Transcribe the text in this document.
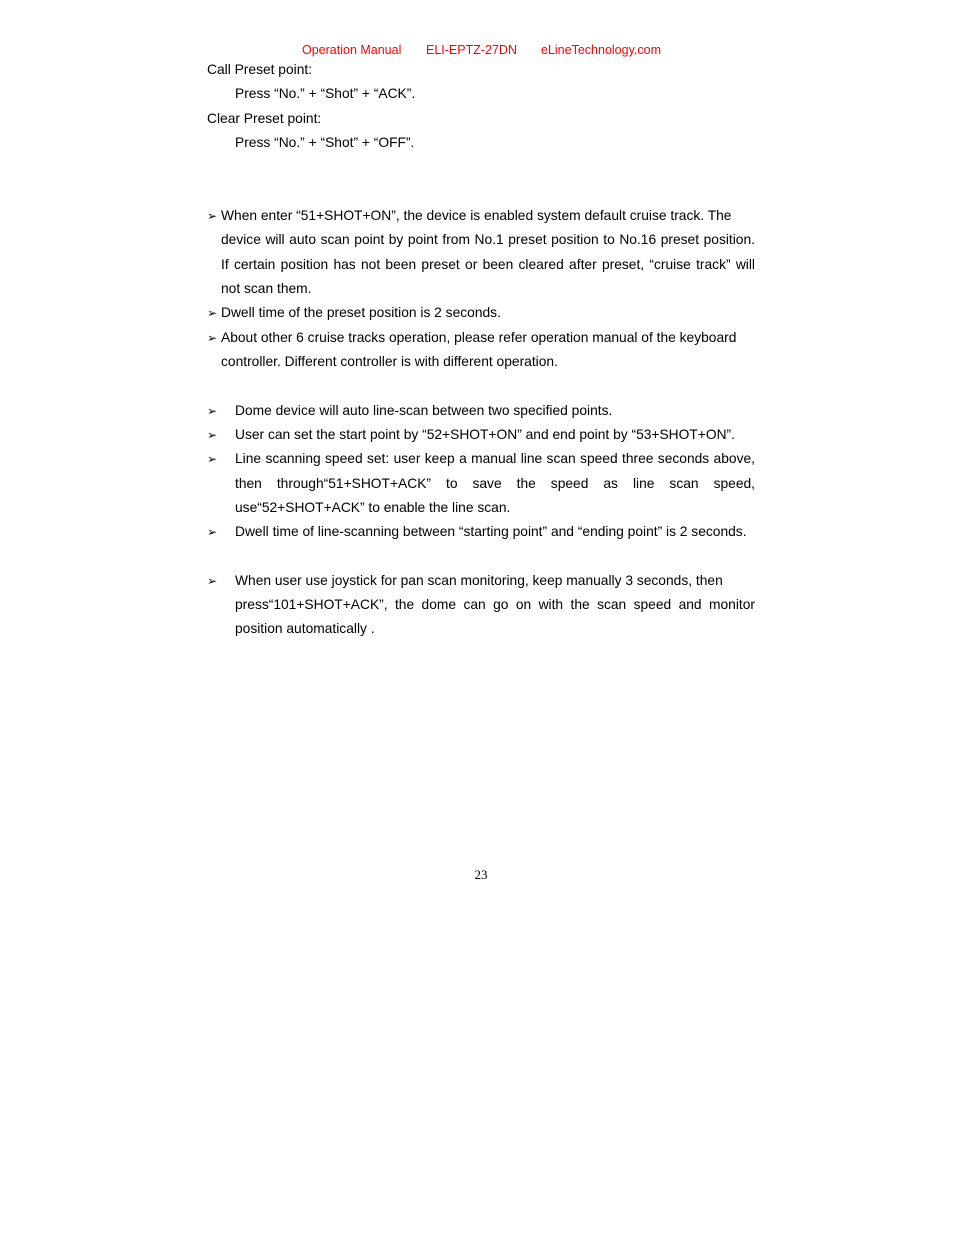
Operation Manual ELI-EPTZ-27DN eLineTechnology.com
Call Preset point:
Press “No.” + “Shot” + “ACK”.
Clear Preset point:
Press “No.” + “Shot” + “OFF”.
➢ When enter “51+SHOT+ON”, the device is enabled system default cruise track. The
device will auto scan point by point from No.1 preset position to No.16 preset position.
If certain position has not been preset or been cleared after preset, “cruise track” will
not scan them.
➢ Dwell time of the preset position is 2 seconds.
➢ About other 6 cruise tracks operation, please refer operation manual of the keyboard
controller. Different controller is with different operation.
➢ Dome device will auto line-scan between two specified points.
➢ User can set the start point by “52+SHOT+ON” and end point by “53+SHOT+ON”.
➢ Line scanning speed set: user keep a manual line scan speed three seconds above,
then through“51+SHOT+ACK” to save the speed as line scan speed,
use“52+SHOT+ACK” to enable the line scan.
➢ Dwell time of line-scanning between “starting point” and “ending point” is 2 seconds.
➢ When user use joystick for pan scan monitoring, keep manually 3 seconds, then
press“101+SHOT+ACK”, the dome can go on with the scan speed and monitor
position automatically .
23
